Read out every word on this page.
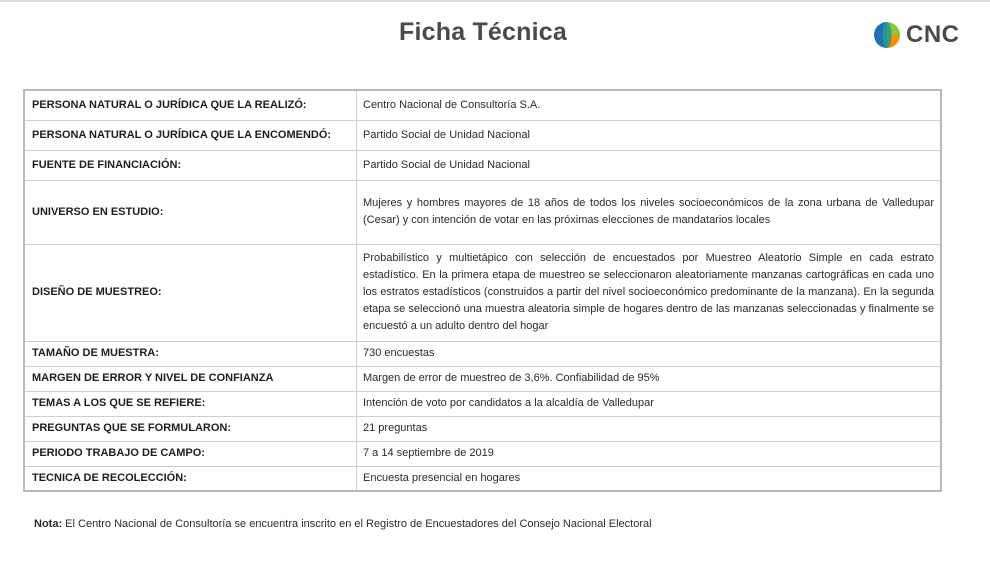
Ficha Técnica	CNC
PERSONA NATURAL O JURÍDICA QUE LA REALIZÓ:	Centro Nacional de Consultoría S.A.
PERSONA NATURAL O JURÍDICA QUE LA ENCOMENDÓ:	Partido Social de Unidad Nacional
FUENTE DE FINANCIACIÓN:	Partido Social de Unidad Nacional
UNIVERSO EN ESTUDIO:	Mujeres y hombres mayores de 18 años de todos los niveles socioeconómicos de la zona urbana de Valledupar (Cesar) y con intención de votar en las próximas elecciones de mandatarios locales
DISEÑO DE MUESTREO:	Probabilístico y multietápico con selección de encuestados por Muestreo Aleatorio Simple en cada estrato estadístico. En la primera etapa de muestreo se seleccionaron aleatoriamente manzanas cartográficas en cada uno los estratos estadísticos (construidos a partir del nivel socioeconómico predominante de la manzana). En la segunda etapa se seleccionó una muestra aleatoria simple de hogares dentro de las manzanas seleccionadas y finalmente se encuestó a un adulto dentro del hogar
TAMAÑO DE MUESTRA:	730 encuestas
MARGEN DE ERROR Y NIVEL DE CONFIANZA	Margen de error de muestreo de 3,6%. Confiabilidad de 95%
TEMAS A LOS QUE SE REFIERE:	Intención de voto por candidatos a la alcaldía de Valledupar
PREGUNTAS QUE SE FORMULARON:	21 preguntas
PERIODO TRABAJO DE CAMPO:	7 a 14 septiembre de 2019
TECNICA DE RECOLECCIÓN:	Encuesta presencial en hogares
Nota: El Centro Nacional de Consultoría se encuentra inscrito en el Registro de Encuestadores del Consejo Nacional Electoral
